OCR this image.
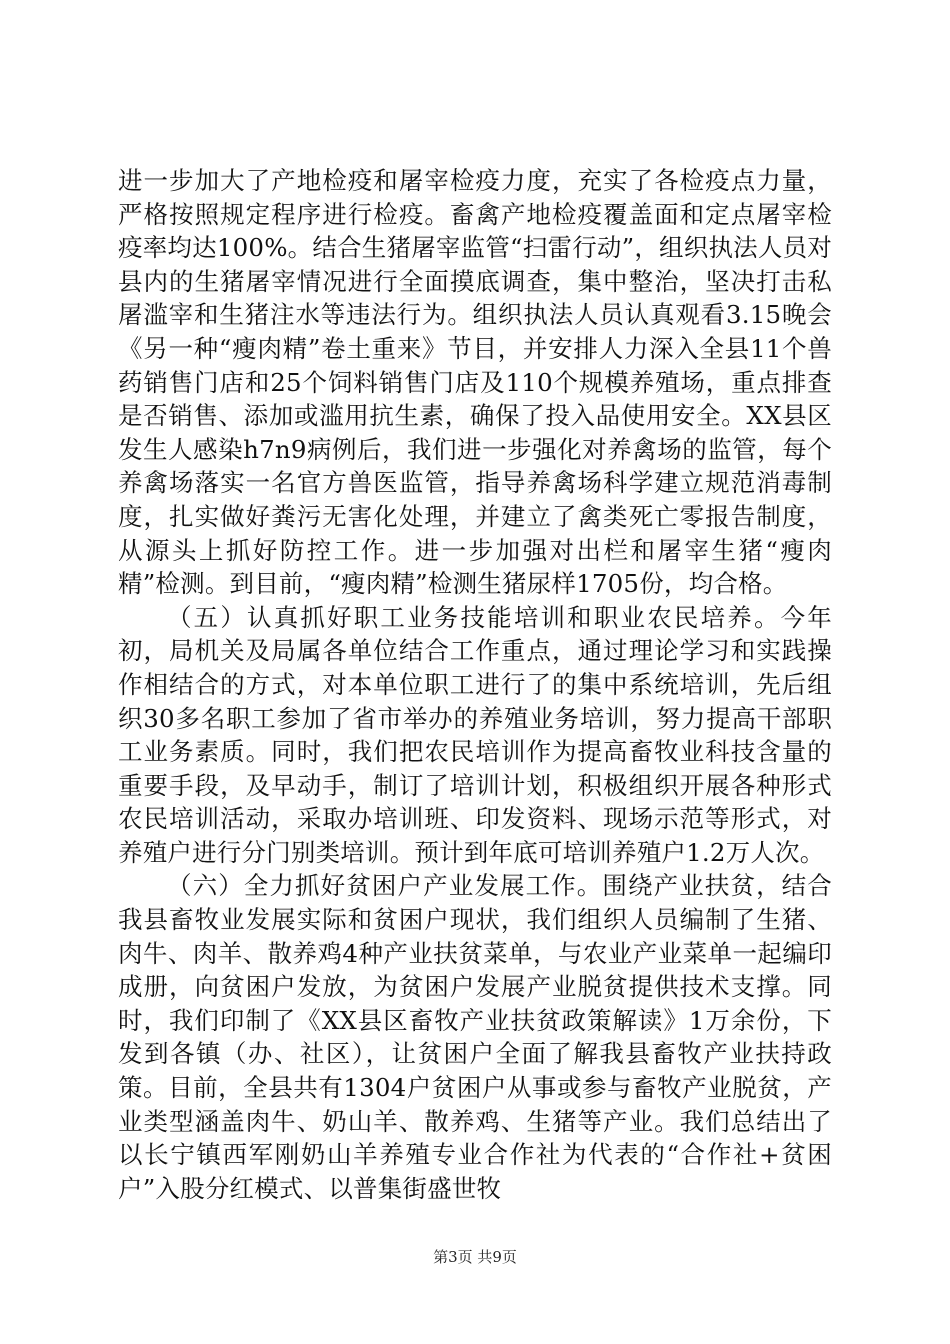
进一步加大了产地检疫和屠宰检疫力度，充实了各检疫点力量，严格按照规定程序进行检疫。畜禽产地检疫覆盖面和定点屠宰检疫率均达100%。结合生猪屠宰监管“扫雷行动”，组织执法人员对县内的生猪屠宰情况进行全面摸底调查，集中整治，坚决打击私屠滥宰和生猪注水等违法行为。组织执法人员认真观看3.15晚会《另一种“瘦肉精”卷土重来》节目，并安排人力深入全县11个兽药销售门店和25个饲料销售门店及110个规模养殖场，重点排查是否销售、添加或滥用抗生素，确保了投入品使用安全。XX县区发生人感染h7n9病例后，我们进一步强化对养禽场的监管，每个养禽场落实一名官方兽医监管，指导养禽场科学建立规范消毒制度，扎实做好粪污无害化处理，并建立了禽类死亡零报告制度，从源头上抓好防控工作。进一步加强对出栏和屠宰生猪“瘦肉精”检测。到目前，“瘦肉精”检测生猪尿样1705份，均合格。

（五）认真抓好职工业务技能培训和职业农民培养。今年初，局机关及局属各单位结合工作重点，通过理论学习和实践操作相结合的方式，对本单位职工进行了的集中系统培训，先后组织30多名职工参加了省市举办的养殖业务培训，努力提高干部职工业务素质。同时，我们把农民培训作为提高畜牧业科技含量的重要手段，及早动手，制订了培训计划，积极组织开展各种形式农民培训活动，采取办培训班、印发资料、现场示范等形式，对养殖户进行分门别类培训。预计到年底可培训养殖户1.2万人次。

（六）全力抓好贫困户产业发展工作。围绕产业扶贫，结合我县畜牧业发展实际和贫困户现状，我们组织人员编制了生猪、肉牛、肉羊、散养鸡4种产业扶贫菜单，与农业产业菜单一起编印成册，向贫困户发放，为贫困户发展产业脱贫提供技术支撑。同时，我们印制了《XX县区畜牧产业扶贫政策解读》1万余份，下发到各镇（办、社区），让贫困户全面了解我县畜牧产业扶持政策。目前，全县共有1304户贫困户从事或参与畜牧产业脱贫，产业类型涵盖肉牛、奶山羊、散养鸡、生猪等产业。我们总结出了以长宁镇西军刚奶山羊养殖专业合作社为代表的“合作社+贫困户”入股分红模式、以普集街盛世牧

第3页 共9页
